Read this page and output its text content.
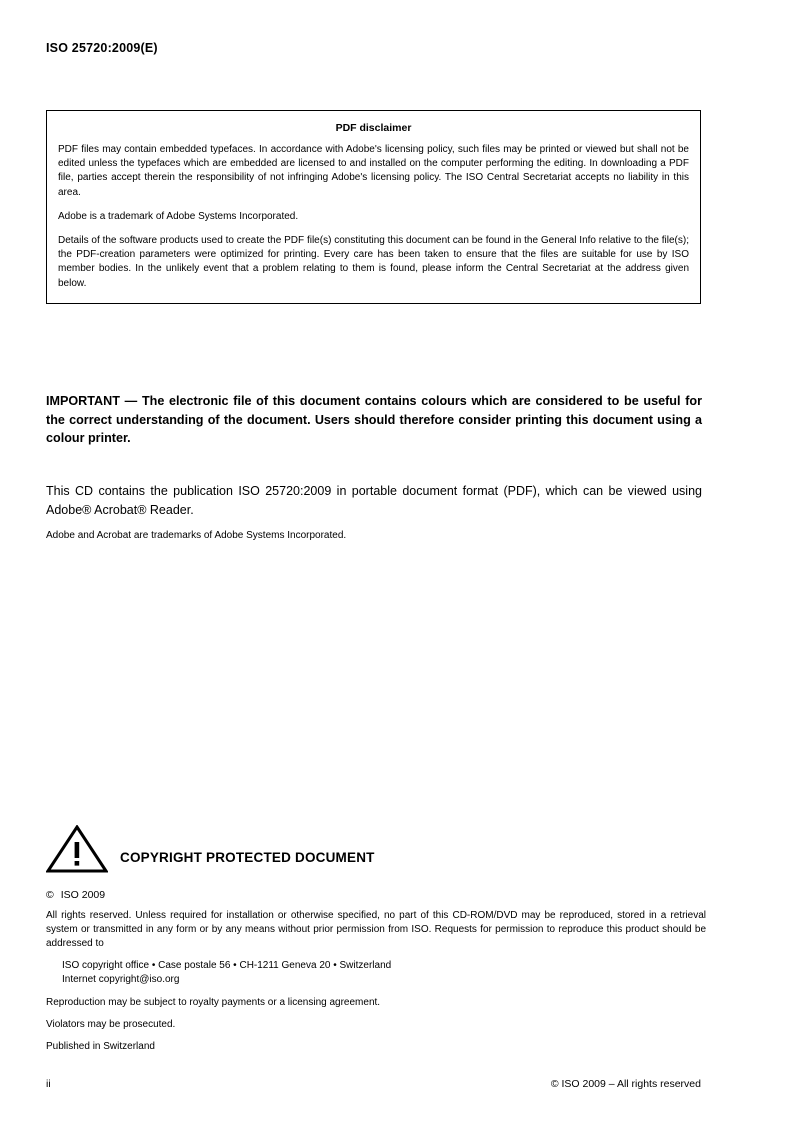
ISO 25720:2009(E)
PDF disclaimer

PDF files may contain embedded typefaces. In accordance with Adobe's licensing policy, such files may be printed or viewed but shall not be edited unless the typefaces which are embedded are licensed to and installed on the computer performing the editing. In downloading a PDF file, parties accept therein the responsibility of not infringing Adobe's licensing policy. The ISO Central Secretariat accepts no liability in this area.

Adobe is a trademark of Adobe Systems Incorporated.

Details of the software products used to create the PDF file(s) constituting this document can be found in the General Info relative to the file(s); the PDF-creation parameters were optimized for printing. Every care has been taken to ensure that the files are suitable for use by ISO member bodies. In the unlikely event that a problem relating to them is found, please inform the Central Secretariat at the address given below.

IMPORTANT — The electronic file of this document contains colours which are considered to be useful for the correct understanding of the document. Users should therefore consider printing this document using a colour printer.
This CD contains the publication ISO 25720:2009 in portable document format (PDF), which can be viewed using Adobe® Acrobat® Reader.
Adobe and Acrobat are trademarks of Adobe Systems Incorporated.
COPYRIGHT PROTECTED DOCUMENT
© ISO 2009
All rights reserved. Unless required for installation or otherwise specified, no part of this CD-ROM/DVD may be reproduced, stored in a retrieval system or transmitted in any form or by any means without prior permission from ISO. Requests for permission to reproduce this product should be addressed to
ISO copyright office • Case postale 56 • CH-1211 Geneva 20 • Switzerland
Internet copyright@iso.org
Reproduction may be subject to royalty payments or a licensing agreement.
Violators may be prosecuted.
Published in Switzerland
ii	© ISO 2009 – All rights reserved
